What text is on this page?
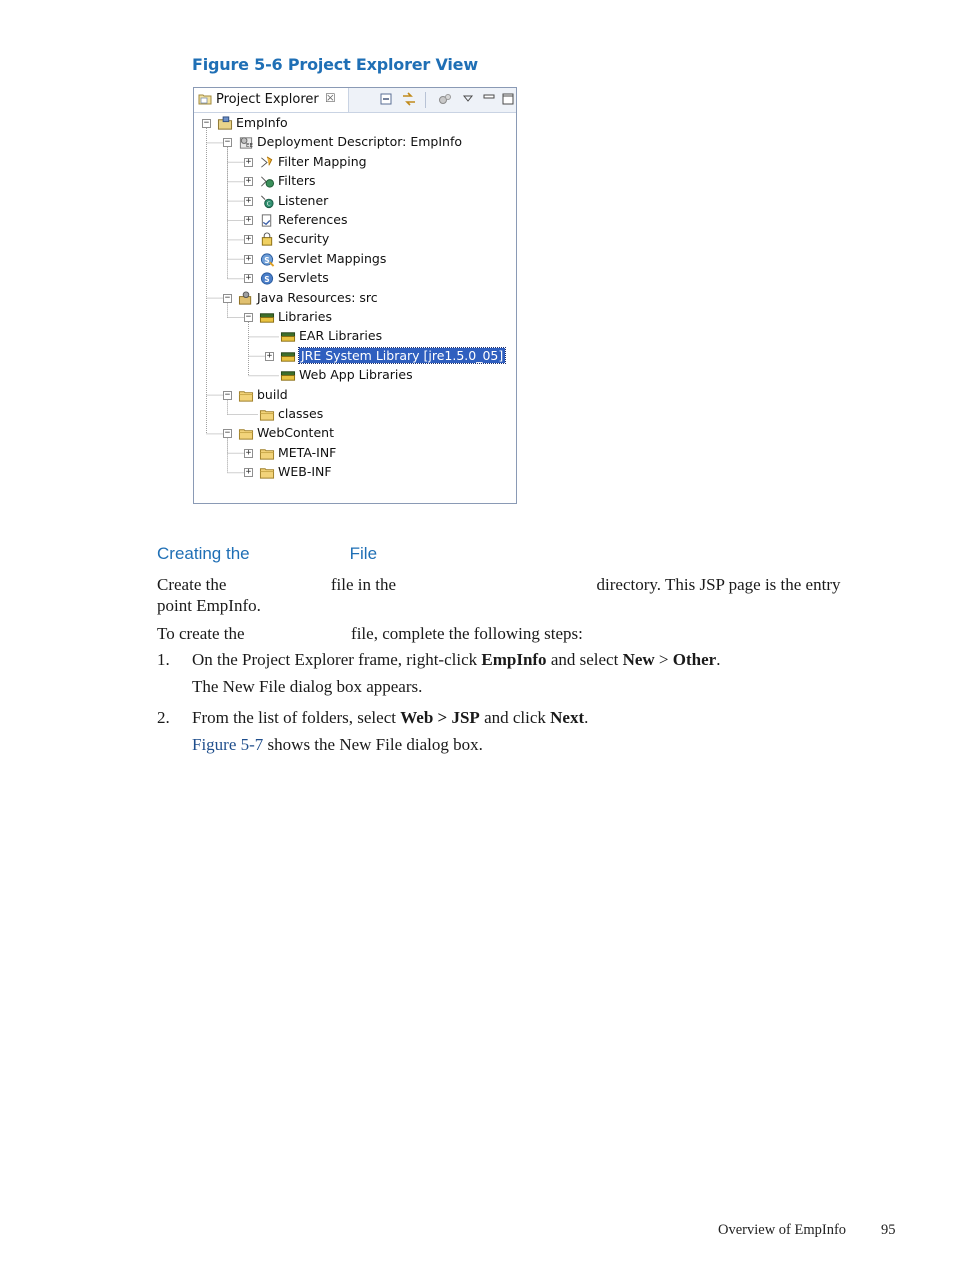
Figure 5-6 Project Explorer View
Project Explorer ☒
− EmpInfo
−	EE Deployment Descriptor: EmpInfo
+ Filter Mapping
+ Filters
+	C Listener
+ References
+ Security
+ S Servlet Mappings
+ S Servlets
− Java Resources: src
− Libraries
EAR Libraries
+ JRE System Library [jre1.5.0_05]
Web App Libraries
− build
classes
− WebContent
+ META-INF
+ WEB-INF
Creating the	File
Create the	file in the	directory. This JSP page is the entry
point EmpInfo.
To create the	file, complete the following steps:
1. On the Project Explorer frame, right-click EmpInfo and select New > Other.
The New File dialog box appears.
2. From the list of folders, select Web > JSP and click Next.
Figure 5-7 shows the New File dialog box.
Overview of EmpInfo 95
